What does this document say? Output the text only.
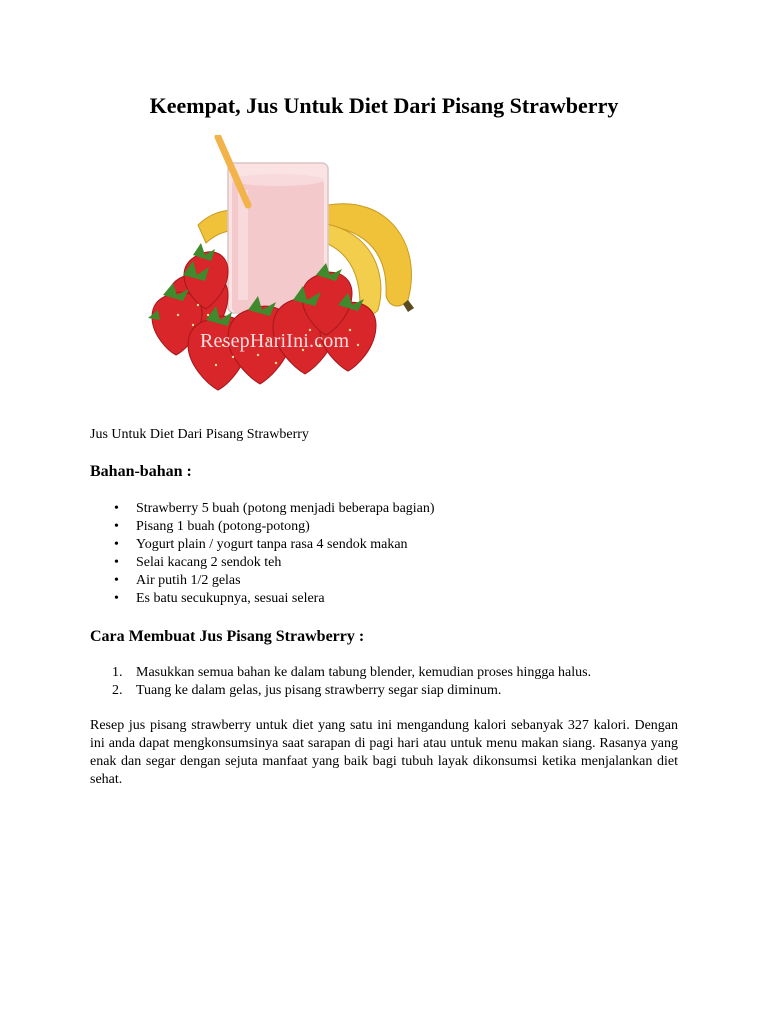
Keempat, Jus Untuk Diet Dari Pisang Strawberry
ResepHariIni.com

Jus Untuk Diet Dari Pisang Strawberry

Bahan-bahan :
• Strawberry 5 buah (potong menjadi beberapa bagian)
• Pisang 1 buah (potong-potong)
• Yogurt plain / yogurt tanpa rasa 4 sendok makan
• Selai kacang 2 sendok teh
• Air putih 1/2 gelas
• Es batu secukupnya, sesuai selera
Cara Membuat Jus Pisang Strawberry :
1. Masukkan semua bahan ke dalam tabung blender, kemudian proses hingga halus.
2. Tuang ke dalam gelas, jus pisang strawberry segar siap diminum.

Resep jus pisang strawberry untuk diet yang satu ini mengandung kalori sebanyak 327 kalori. Dengan ini anda dapat mengkonsumsinya saat sarapan di pagi hari atau untuk menu makan siang. Rasanya yang enak dan segar dengan sejuta manfaat yang baik bagi tubuh layak dikonsumsi ketika menjalankan diet sehat.
